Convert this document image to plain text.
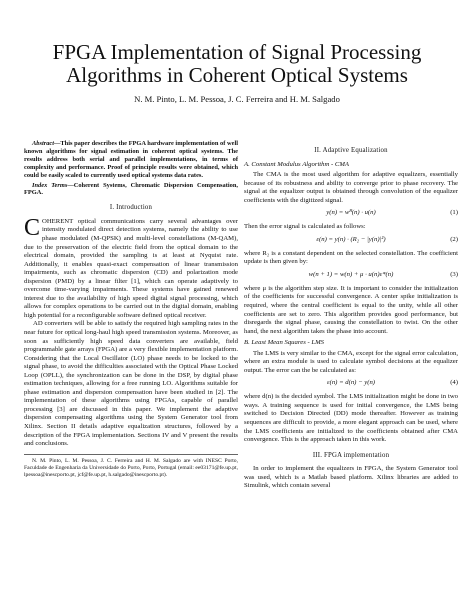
FPGA Implementation of Signal Processing
Algorithms in Coherent Optical Systems
N. M. Pinto, L. M. Pessoa, J. C. Ferreira and H. M. Salgado

Abstract—This paper describes the FPGA hardware implementation of well known algorithms for signal estimation in coherent optical systems. The results address both serial and parallel implementations, in terms of complexity and performance. Proof of principle results were obtained, which could be easily scaled to currently used optical systems data rates.

Index Terms—Coherent Systems, Chromatic Dispersion Compensation, FPGA.

I. Introduction

COHERENT optical communications carry several advantages over intensity modulated direct detection systems, namely the ability to use phase modulated (M-QPSK) and multi-level constellations (M-QAM), due to the preservation of the electric field from the optical domain to the electrical domain, provided the sampling is at least at Nyquist rate. Additionally, it enables quasi-exact compensation of linear transmission impairments, such as chromatic dispersion (CD) and polarization mode dispersion (PMD) by a linear filter [1], which can operate adaptively to overcome time-varying impairments. These systems have gained renewed interest due to the availability of high speed digital signal processing, which allows for complex operations to be carried out in the digital domain, enabling high potential for a reconfigurable software defined optical receiver.

AD converters will be able to satisfy the required high sampling rates in the near future for optical long-haul high speed transmission systems. Moreover, as soon as sufficiently high speed data converters are available, field programmable gate arrays (FPGA) are a very flexible implementation platform. Considering that the Local Oscillator (LO) phase needs to be locked to the signal phase, to avoid the difficulties associated with the Optical Phase Locked Loop (OPLL), the synchronization can be done in the DSP, by digital phase estimation techniques, allowing for a free running LO. Algorithms suitable for phase estimation and dispersion compensation have been studied in [2]. The implementation of these algorithms using FPGAs, capable of parallel processing [3] are discussed in this paper. We implement the adaptive dispersion compensating algorithms using the System Generator tool from Xilinx. Section II details adaptive equalization structures, followed by a description of the FPGA implementation. Sections IV and V present the results and conclusions.

N. M. Pinto, L. M. Pessoa, J. C. Ferreira and H. M. Salgado are with INESC Porto, Faculdade de Engenharia da Universidade do Porto, Porto, Portugal (email: ee03171@fe.up.pt, lpessoa@inescporto.pt, jcf@fe.up.pt, h.salgado@inescporto.pt).

II. Adaptive Equalization

A. Constant Modulus Algorithm - CMA

The CMA is the most used algorithm for adaptive equalizers, essentially because of its robustness and ability to converge prior to phase recovery. The signal at the equalizer output is obtained through convolution of the equalizer coefficients with the digitized signal.

y(n) = wᴴ(n) · u(n)	(1)

Then the error signal is calculated as follows:

ε(n) = y(n) · (R₂ − |y(n)|²)	(2)

where R₂ is a constant dependent on the selected constellation. The coefficient update is then given by:

w(n + 1) = w(n) + μ · u(n)ε*(n)	(3)

where μ is the algorithm step size. It is important to consider the initialization of the coefficients for successful convergence. A center spike initialization is required, where the central coefficient is equal to the unity, while all other coefficients are set to zero. This algorithm provides good performance, but disregards the signal phase, causing the constellation to twist. On the other hand, the next algorithm takes the phase into account.

B. Least Mean Squares - LMS

The LMS is very similar to the CMA, except for the signal error calculation, where an extra module is used to calculate symbol decisions at the equalizer output. The error can the be calculated as:

ε(n) = d(n) − y(n)	(4)

where d(n) is the decided symbol. The LMS initialization might be done in two ways. A training sequence is used for initial convergence, the LMS being switched to Decision Directed (DD) mode thereafter. However as training sequences are difficult to provide, a more elegant approach can be used, where the LMS coefficients are initialized to the coefficients obtained after CMA convergence. This is the approach taken in this work.

III. FPGA implementation

In order to implement the equalizers in FPGA, the System Generator tool was used, which is a Matlab based platform. Xilinx libraries are added to Simulink, which contain several
